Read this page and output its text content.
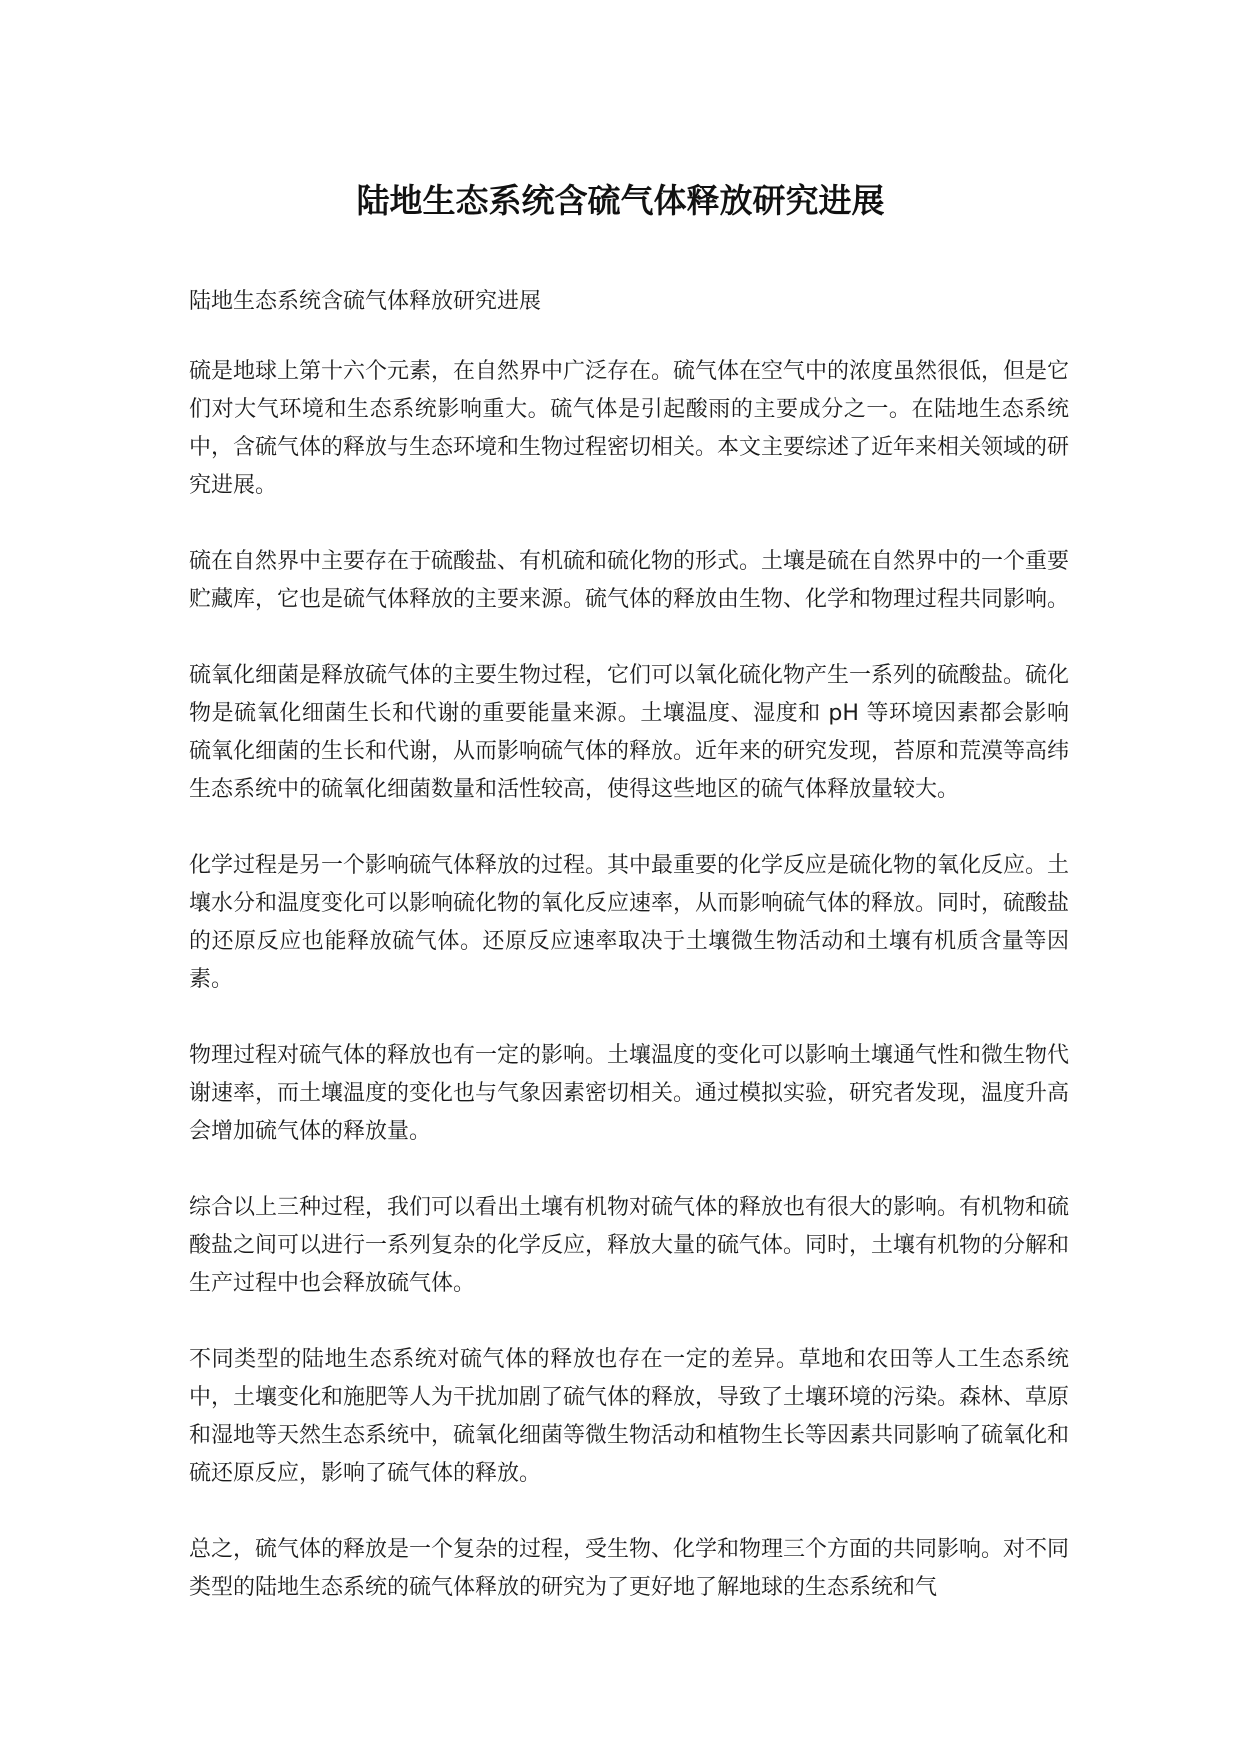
陆地生态系统含硫气体释放研究进展

陆地生态系统含硫气体释放研究进展

硫是地球上第十六个元素，在自然界中广泛存在。硫气体在空气中的浓度虽然很低，但是它们对大气环境和生态系统影响重大。硫气体是引起酸雨的主要成分之一。在陆地生态系统中，含硫气体的释放与生态环境和生物过程密切相关。本文主要综述了近年来相关领域的研究进展。

硫在自然界中主要存在于硫酸盐、有机硫和硫化物的形式。土壤是硫在自然界中的一个重要贮藏库，它也是硫气体释放的主要来源。硫气体的释放由生物、化学和物理过程共同影响。

硫氧化细菌是释放硫气体的主要生物过程，它们可以氧化硫化物产生一系列的硫酸盐。硫化物是硫氧化细菌生长和代谢的重要能量来源。土壤温度、湿度和 pH 等环境因素都会影响硫氧化细菌的生长和代谢，从而影响硫气体的释放。近年来的研究发现，苔原和荒漠等高纬生态系统中的硫氧化细菌数量和活性较高，使得这些地区的硫气体释放量较大。

化学过程是另一个影响硫气体释放的过程。其中最重要的化学反应是硫化物的氧化反应。土壤水分和温度变化可以影响硫化物的氧化反应速率，从而影响硫气体的释放。同时，硫酸盐的还原反应也能释放硫气体。还原反应速率取决于土壤微生物活动和土壤有机质含量等因素。

物理过程对硫气体的释放也有一定的影响。土壤温度的变化可以影响土壤通气性和微生物代谢速率，而土壤温度的变化也与气象因素密切相关。通过模拟实验，研究者发现，温度升高会增加硫气体的释放量。

综合以上三种过程，我们可以看出土壤有机物对硫气体的释放也有很大的影响。有机物和硫酸盐之间可以进行一系列复杂的化学反应，释放大量的硫气体。同时，土壤有机物的分解和生产过程中也会释放硫气体。

不同类型的陆地生态系统对硫气体的释放也存在一定的差异。草地和农田等人工生态系统中，土壤变化和施肥等人为干扰加剧了硫气体的释放，导致了土壤环境的污染。森林、草原和湿地等天然生态系统中，硫氧化细菌等微生物活动和植物生长等因素共同影响了硫氧化和硫还原反应，影响了硫气体的释放。

总之，硫气体的释放是一个复杂的过程，受生物、化学和物理三个方面的共同影响。对不同类型的陆地生态系统的硫气体释放的研究为了更好地了解地球的生态系统和气
